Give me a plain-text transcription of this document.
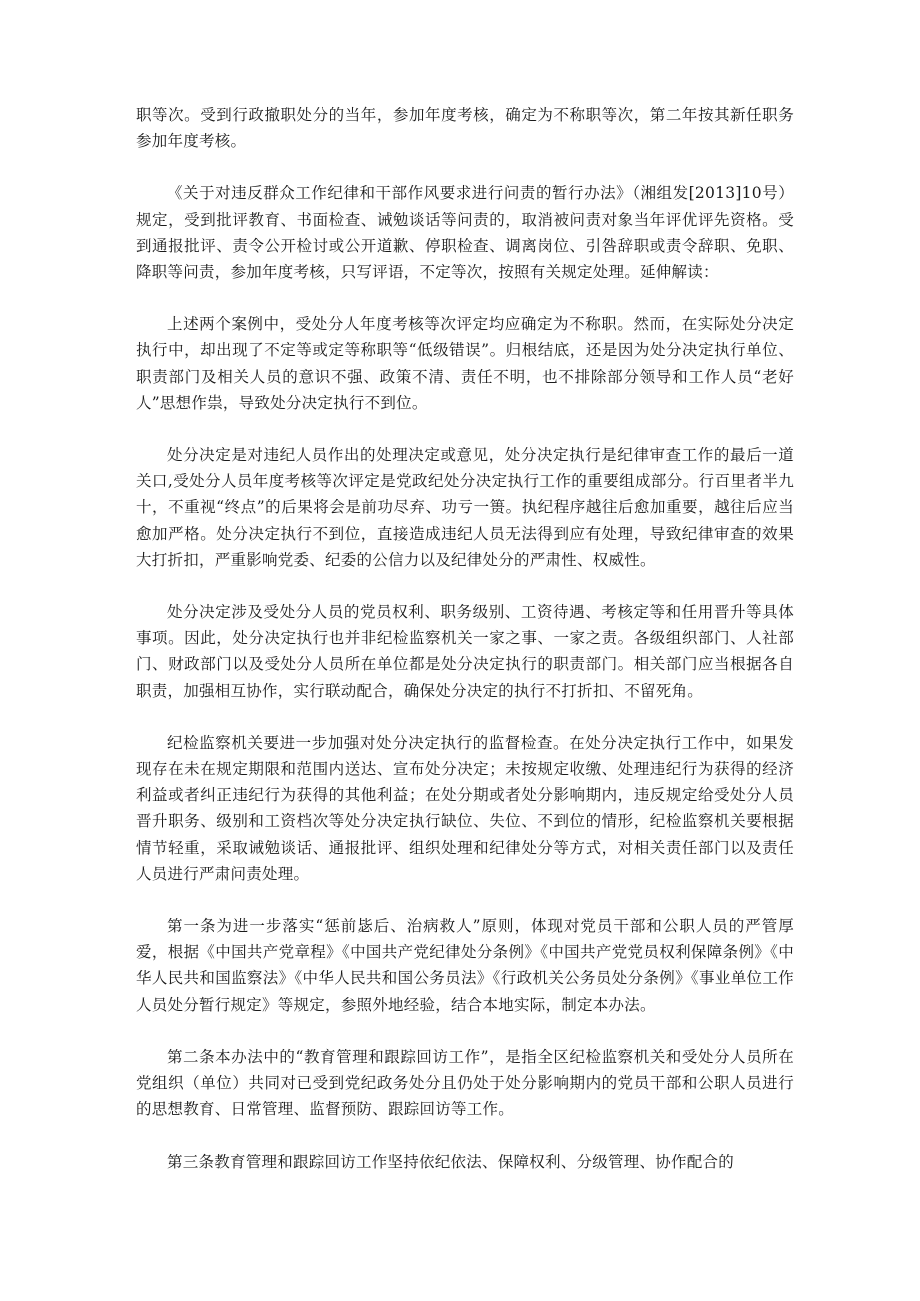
职等次。受到行政撤职处分的当年，参加年度考核，确定为不称职等次，第二年按其新任职务参加年度考核。

《关于对违反群众工作纪律和干部作风要求进行问责的暂行办法》（湘组发[2013]10号）规定，受到批评教育、书面检查、诫勉谈话等问责的，取消被问责对象当年评优评先资格。受到通报批评、责令公开检讨或公开道歉、停职检查、调离岗位、引咎辞职或责令辞职、免职、降职等问责，参加年度考核，只写评语，不定等次，按照有关规定处理。延伸解读：

上述两个案例中，受处分人年度考核等次评定均应确定为不称职。然而，在实际处分决定执行中，却出现了不定等或定等称职等“低级错误”。归根结底，还是因为处分决定执行单位、职责部门及相关人员的意识不强、政策不清、责任不明，也不排除部分领导和工作人员“老好人”思想作祟，导致处分决定执行不到位。

处分决定是对违纪人员作出的处理决定或意见，处分决定执行是纪律审查工作的最后一道关口,受处分人员年度考核等次评定是党政纪处分决定执行工作的重要组成部分。行百里者半九十，不重视“终点”的后果将会是前功尽弃、功亏一篑。执纪程序越往后愈加重要，越往后应当愈加严格。处分决定执行不到位，直接造成违纪人员无法得到应有处理，导致纪律审查的效果大打折扣，严重影响党委、纪委的公信力以及纪律处分的严肃性、权威性。

处分决定涉及受处分人员的党员权利、职务级别、工资待遇、考核定等和任用晋升等具体事项。因此，处分决定执行也并非纪检监察机关一家之事、一家之责。各级组织部门、人社部门、财政部门以及受处分人员所在单位都是处分决定执行的职责部门。相关部门应当根据各自职责，加强相互协作，实行联动配合，确保处分决定的执行不打折扣、不留死角。

纪检监察机关要进一步加强对处分决定执行的监督检查。在处分决定执行工作中，如果发现存在未在规定期限和范围内送达、宣布处分决定；未按规定收缴、处理违纪行为获得的经济利益或者纠正违纪行为获得的其他利益；在处分期或者处分影响期内，违反规定给受处分人员晋升职务、级别和工资档次等处分决定执行缺位、失位、不到位的情形，纪检监察机关要根据情节轻重，采取诫勉谈话、通报批评、组织处理和纪律处分等方式，对相关责任部门以及责任人员进行严肃问责处理。

第一条为进一步落实“惩前毖后、治病救人”原则，体现对党员干部和公职人员的严管厚爱，根据《中国共产党章程》《中国共产党纪律处分条例》《中国共产党党员权利保障条例》《中华人民共和国监察法》《中华人民共和国公务员法》《行政机关公务员处分条例》《事业单位工作人员处分暂行规定》等规定，参照外地经验，结合本地实际，制定本办法。

第二条本办法中的“教育管理和跟踪回访工作”，是指全区纪检监察机关和受处分人员所在党组织（单位）共同对已受到党纪政务处分且仍处于处分影响期内的党员干部和公职人员进行的思想教育、日常管理、监督预防、跟踪回访等工作。

第三条教育管理和跟踪回访工作坚持依纪依法、保障权利、分级管理、协作配合的
